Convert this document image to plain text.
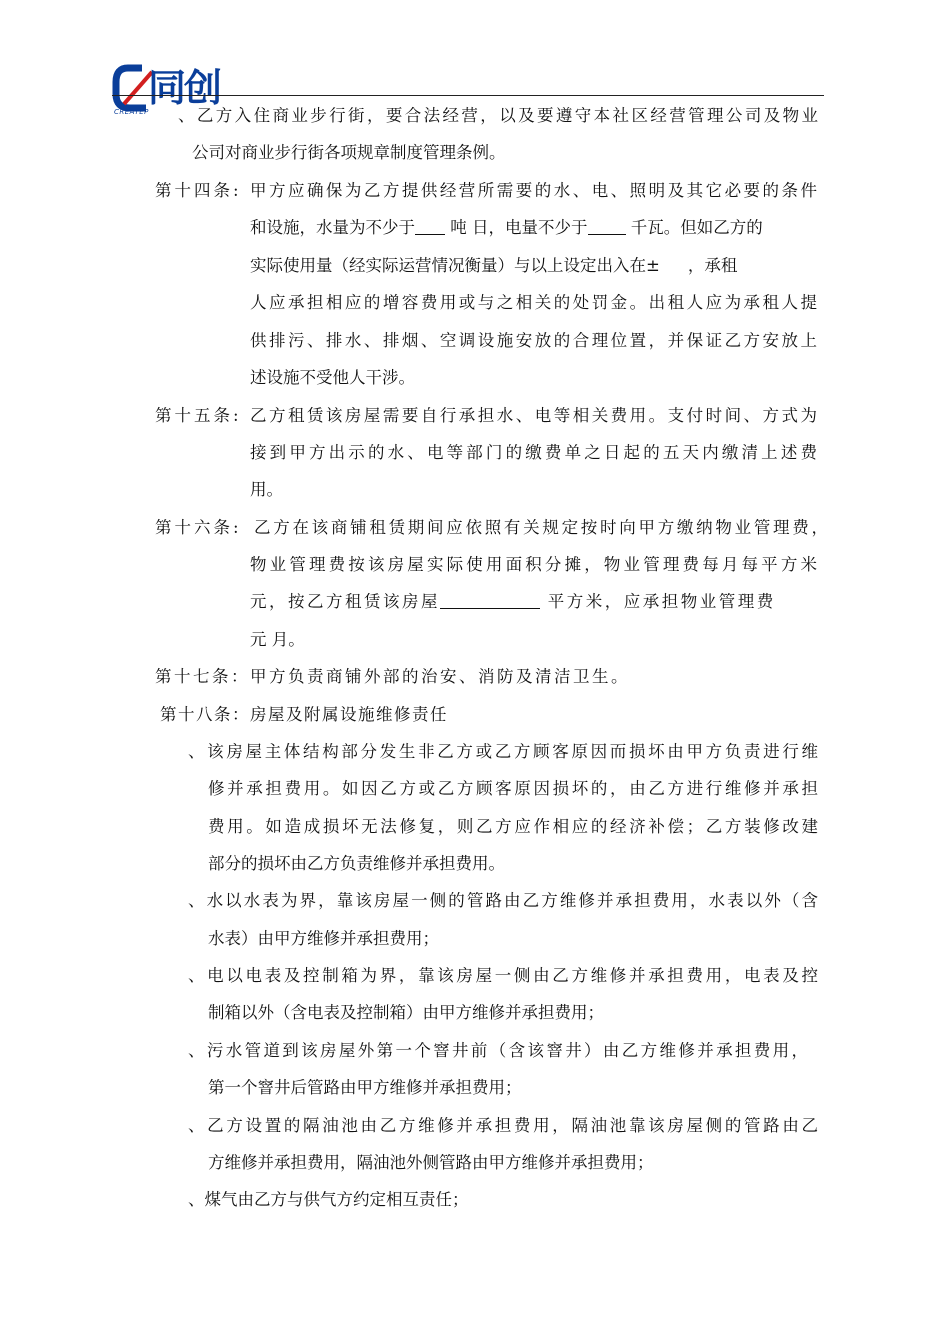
同创
CREATEP 、乙方入住商业步行街，要合法经营，以及要遵守本社区经营管理公司及物业
公司对商业步行街各项规章制度管理条例。
第十四条: 甲方应确保为乙方提供经营所需要的水、电、照明及其它必要的条件
和设施，水量为不少于 吨 日，电量不少于	千瓦。但如乙方的
实际使用量（经实际运营情况衡量）与以上设定出入在± ，承租
人应承担相应的增容费用或与之相关的处罚金。出租人应为承租人提
供排污、排水、排烟、空调设施安放的合理位置，并保证乙方安放上
述设施不受他人干涉。
第十五条: 乙方租赁该房屋需要自行承担水、电等相关费用。支付时间、方式为
接到甲方出示的水、电等部门的缴费单之日起的五天内缴清上述费
用。
第十六条: 乙方在该商铺租赁期间应依照有关规定按时向甲方缴纳物业管理费，
物业管理费按该房屋实际使用面积分摊，物业管理费每月每平方米
元，按乙方租赁该房屋	平方米，应承担物业管理费
元 月。
第十七条：甲方负责商铺外部的治安、消防及清洁卫生。
第十八条：房屋及附属设施维修责任
、该房屋主体结构部分发生非乙方或乙方顾客原因而损坏由甲方负责进行维
修并承担费用。如因乙方或乙方顾客原因损坏的，由乙方进行维修并承担
费用。如造成损坏无法修复，则乙方应作相应的经济补偿；乙方装修改建
部分的损坏由乙方负责维修并承担费用。
、水以水表为界，靠该房屋一侧的管路由乙方维修并承担费用，水表以外（含
水表）由甲方维修并承担费用；
、电以电表及控制箱为界，靠该房屋一侧由乙方维修并承担费用，电表及控
制箱以外（含电表及控制箱）由甲方维修并承担费用；
、污水管道到该房屋外第一个窨井前（含该窨井）由乙方维修并承担费用，
第一个窨井后管路由甲方维修并承担费用；
、乙方设置的隔油池由乙方维修并承担费用，隔油池靠该房屋侧的管路由乙
方维修并承担费用，隔油池外侧管路由甲方维修并承担费用；
、煤气由乙方与供气方约定相互责任；
